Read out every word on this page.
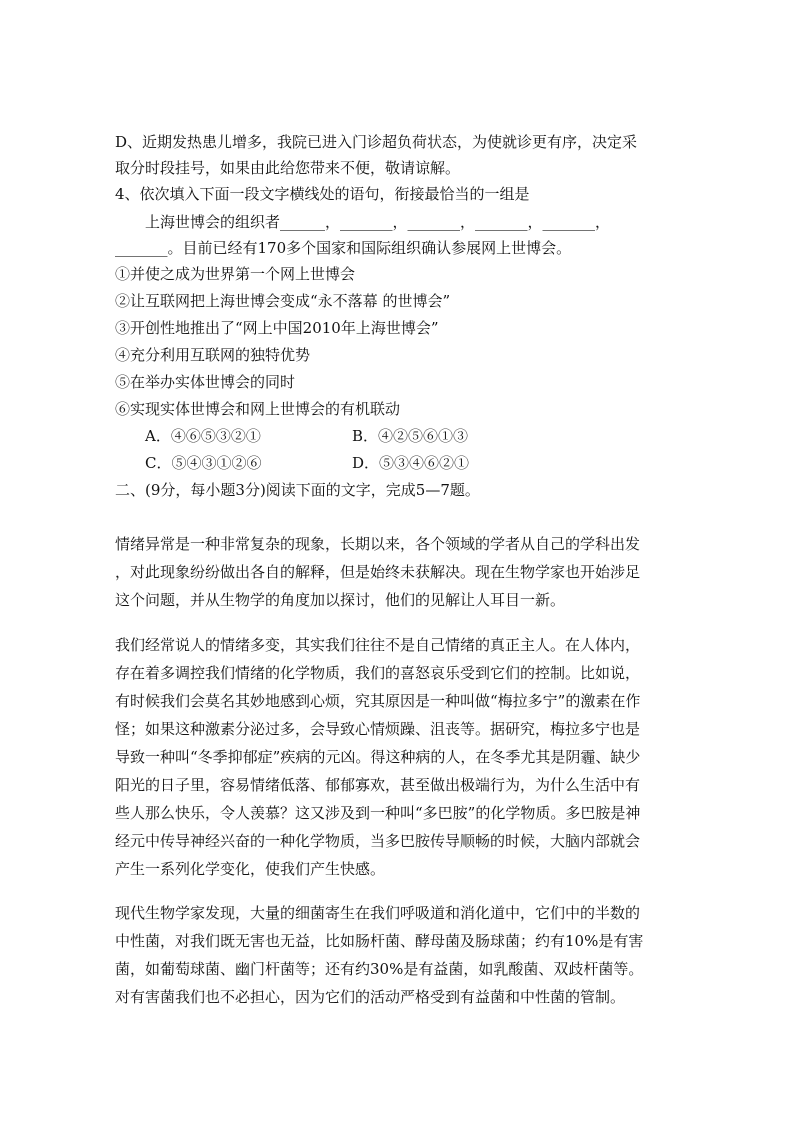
D、近期发热患儿增多，我院已进入门诊超负荷状态，为使就诊更有序，决定采
取分时段挂号，如果由此给您带来不便，敬请谅解。
4、依次填入下面一段文字横线处的语句，衔接最恰当的一组是
上海世博会的组织者______，_______，_______，_______，_______，
_______。目前已经有170多个国家和国际组织确认参展网上世博会。
①并使之成为世界第一个网上世博会
②让互联网把上海世博会变成“永不落幕 的世博会”
③开创性地推出了“网上中国2010年上海世博会”
④充分利用互联网的独特优势
⑤在举办实体世博会的同时
⑥实现实体世博会和网上世博会的有机联动
A．④⑥⑤③②①	B．④②⑤⑥①③
C．⑤④③①②⑥	D．⑤③④⑥②①
二、(9分，每小题3分)阅读下面的文字，完成5—7题。
情绪异常是一种非常复杂的现象，长期以来，各个领域的学者从自己的学科出发
，对此现象纷纷做出各自的解释，但是始终未获解决。现在生物学家也开始涉足
这个问题，并从生物学的角度加以探讨，他们的见解让人耳目一新。
我们经常说人的情绪多变，其实我们往往不是自己情绪的真正主人。在人体内，
存在着多调控我们情绪的化学物质，我们的喜怒哀乐受到它们的控制。比如说，
有时候我们会莫名其妙地感到心烦，究其原因是一种叫做“梅拉多宁”的激素在作
怪；如果这种激素分泌过多，会导致心情烦躁、沮丧等。据研究，梅拉多宁也是
导致一种叫“冬季抑郁症”疾病的元凶。得这种病的人，在冬季尤其是阴霾、缺少
阳光的日子里，容易情绪低落、郁郁寡欢，甚至做出极端行为，为什么生活中有
些人那么快乐，令人羡慕？这又涉及到一种叫“多巴胺”的化学物质。多巴胺是神
经元中传导神经兴奋的一种化学物质，当多巴胺传导顺畅的时候，大脑内部就会
产生一系列化学变化，使我们产生快感。
现代生物学家发现，大量的细菌寄生在我们呼吸道和消化道中，它们中的半数的
中性菌，对我们既无害也无益，比如肠杆菌、酵母菌及肠球菌；约有10%是有害
菌，如葡萄球菌、幽门杆菌等；还有约30%是有益菌，如乳酸菌、双歧杆菌等。
对有害菌我们也不必担心，因为它们的活动严格受到有益菌和中性菌的管制。
